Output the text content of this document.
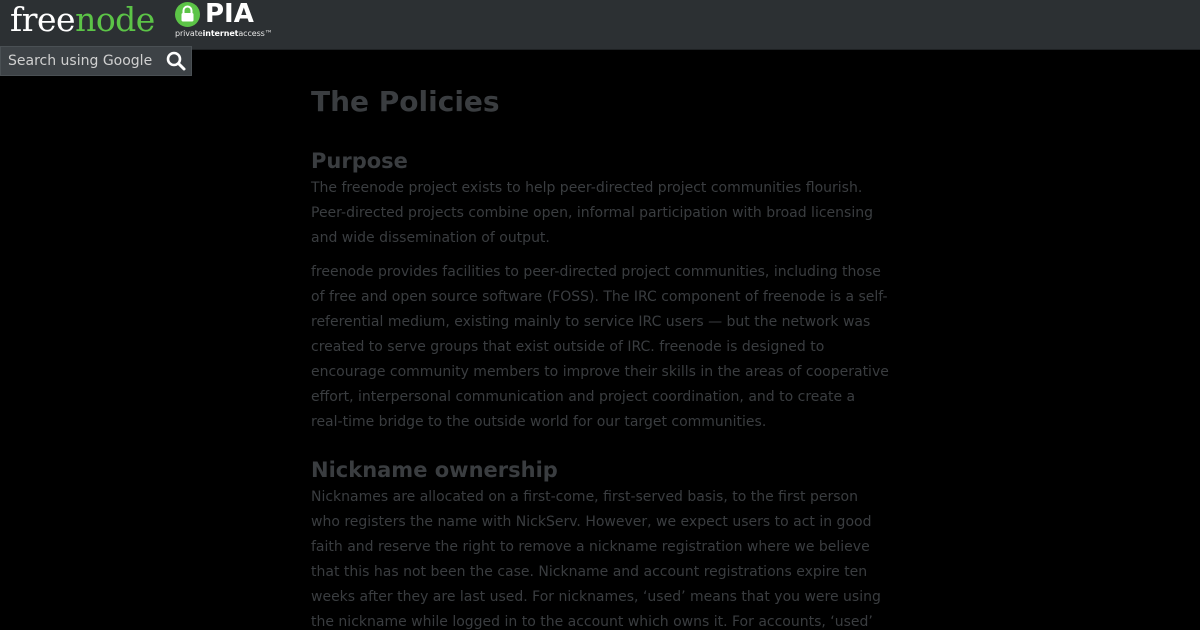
freenode PIA
privateinternetaccess™
Search using Google
The Policies
Purpose

The freenode project exists to help peer-directed project communities flourish. Peer-directed projects combine open, informal participation with broad licensing and wide dissemination of output.

freenode provides facilities to peer-directed project communities, including those of free and open source software (FOSS). The IRC component of freenode is a self-referential medium, existing mainly to service IRC users — but the network was created to serve groups that exist outside of IRC. freenode is designed to encourage community members to improve their skills in the areas of cooperative effort, interpersonal communication and project coordination, and to create a real-time bridge to the outside world for our target communities.

Nickname ownership

Nicknames are allocated on a first-come, first-served basis, to the first person who registers the name with NickServ. However, we expect users to act in good faith and reserve the right to remove a nickname registration where we believe that this has not been the case. Nickname and account registrations expire ten weeks after they are last used. For nicknames, ‘used’ means that you were using the nickname while logged in to the account which owns it. For accounts, ‘used’
